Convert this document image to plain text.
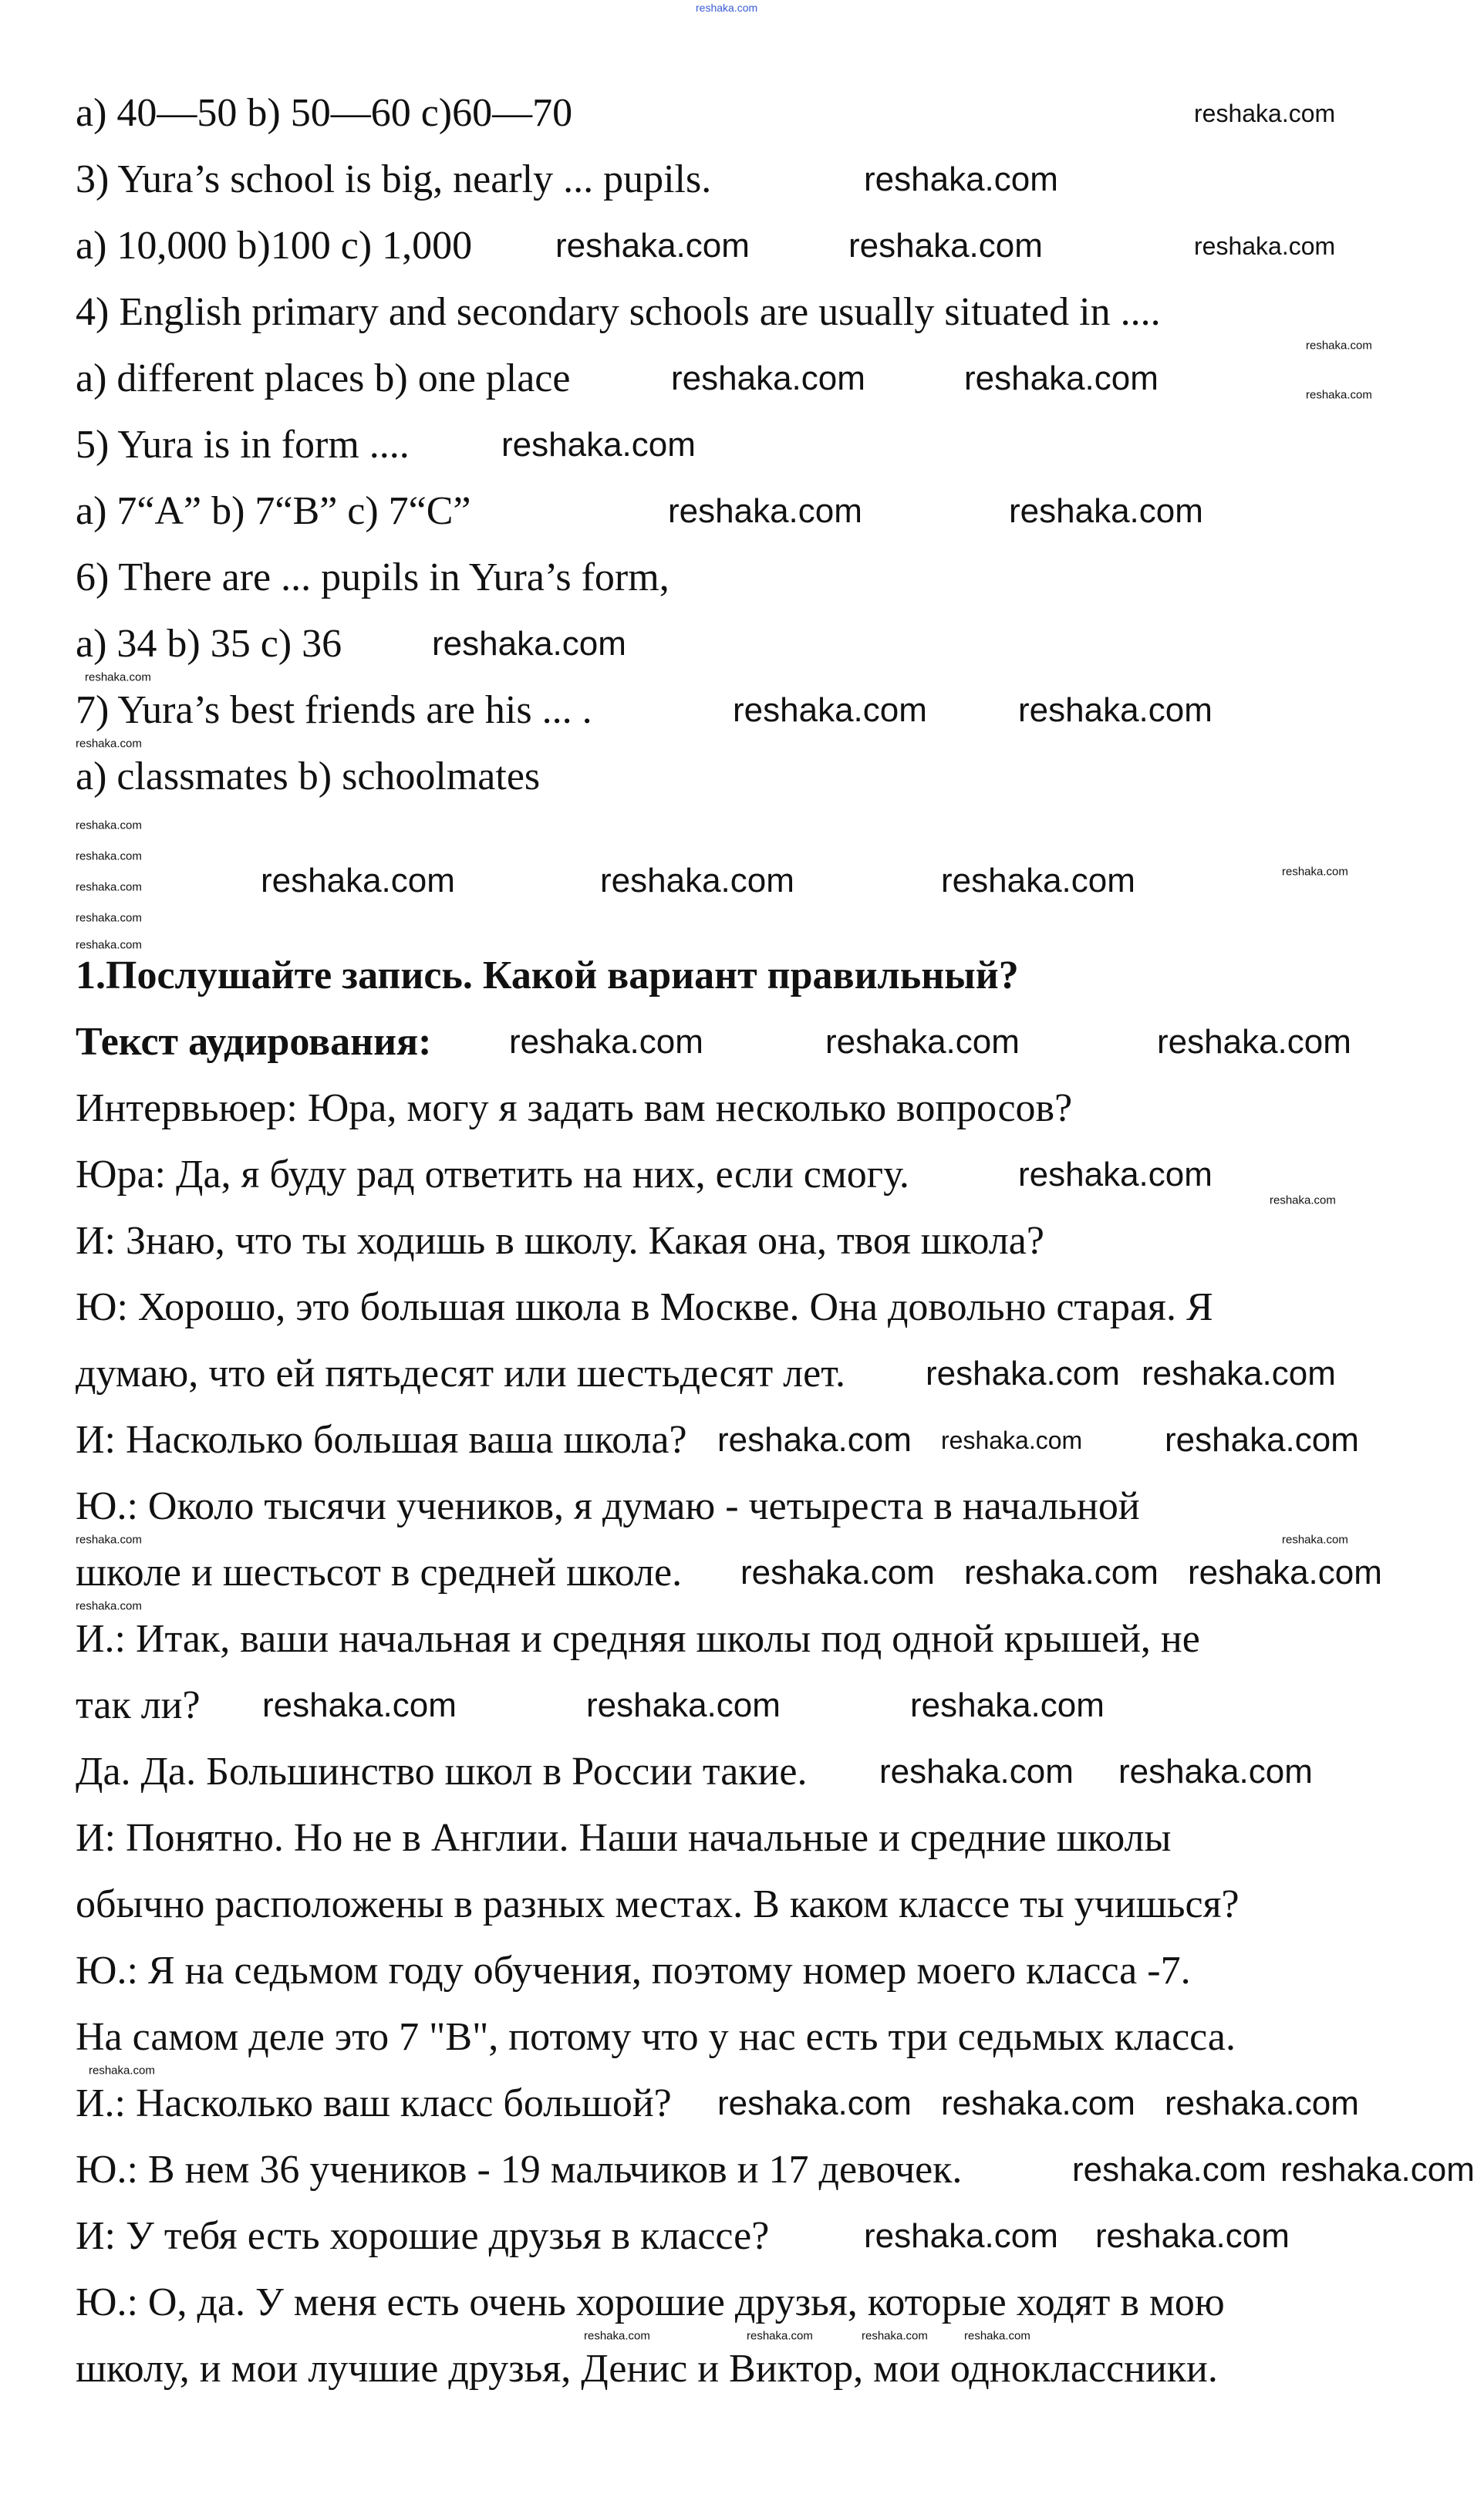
a) 40—50 b) 50—60 c)60—70
3) Yura’s school is big, nearly ... pupils.
a) 10,000 b)100 c) 1,000
4) English primary and secondary schools are usually situated in ....
a) different places b) one place
5) Yura is in form ....
a) 7“A” b) 7“B” c) 7“C”
6) There are ... pupils in Yura’s form,
a) 34 b) 35 c) 36
7) Yura’s best friends are his ... .
a) classmates b) schoolmates
1.Послушайте запись. Какой вариант правильный?
Текст аудирования:
Интервьюер: Юра, могу я задать вам несколько вопросов?
Юра: Да, я буду рад ответить на них, если смогу.
И: Знаю, что ты ходишь в школу. Какая она, твоя школа?
Ю: Хорошо, это большая школа в Москве. Она довольно старая. Я
думаю, что ей пятьдесят или шестьдесят лет.
И: Насколько большая ваша школа?
Ю.: Около тысячи учеников, я думаю - четыреста в начальной
школе и шестьсот в средней школе.
И.: Итак, ваши начальная и средняя школы под одной крышей, не
так ли?
Да. Да. Большинство школ в России такие.
И: Понятно. Но не в Англии. Наши начальные и средние школы
обычно расположены в разных местах. В каком классе ты учишься?
Ю.: Я на седьмом году обучения, поэтому номер моего класса -7.
На самом деле это 7 "В", потому что у нас есть три седьмых класса.
И.: Насколько ваш класс большой?
Ю.: В нем 36 учеников - 19 мальчиков и 17 девочек.
И: У тебя есть хорошие друзья в классе?
Ю.: О, да. У меня есть очень хорошие друзья, которые ходят в мою
школу, и мои лучшие друзья, Денис и Виктор, мои одноклассники.
reshaka.com
reshaka.com
reshaka.com
reshaka.com	reshaka.com	reshaka.com
reshaka.com
reshaka.com	reshaka.com	reshaka.com
reshaka.com
reshaka.com	reshaka.com
reshaka.com
reshaka.com
reshaka.com	reshaka.com
reshaka.com
reshaka.com
reshaka.com
reshaka.com
reshaka.com
reshaka.com
reshaka.com	reshaka.com	reshaka.com	reshaka.com
reshaka.com	reshaka.com	reshaka.com
reshaka.com
reshaka.com
reshaka.com reshaka.com
reshaka.com reshaka.com reshaka.com
reshaka.com
reshaka.com
reshaka.com reshaka.com reshaka.com
reshaka.com
reshaka.com	reshaka.com	reshaka.com
reshaka.com reshaka.com
reshaka.com
reshaka.com reshaka.com reshaka.com
reshaka.com reshaka.com
reshaka.com reshaka.com
reshaka.com	reshaka.com	reshaka.com	reshaka.com
